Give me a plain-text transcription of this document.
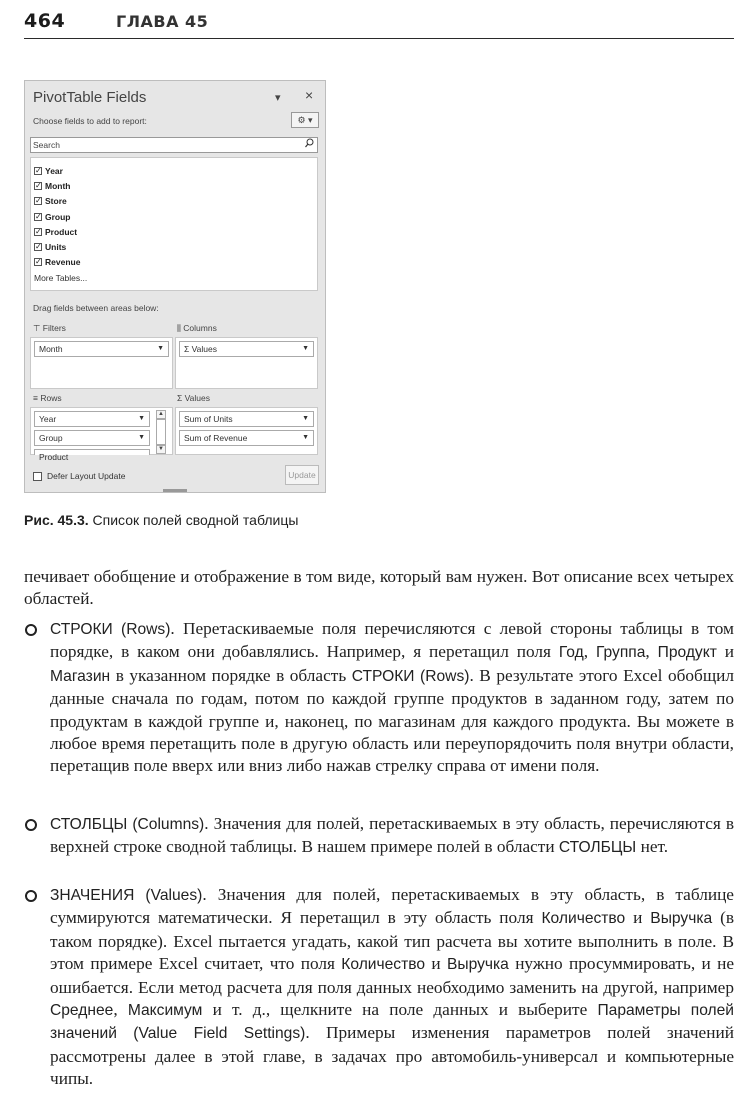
464	ГЛАВА 45
PivotTable Fields	▾ ×
Choose fields to add to report:	⚙ ▾
Search
✓ Year
✓ Month
✓ Store
✓ Group
✓ Product
✓ Units
✓ Revenue
More Tables...
Drag fields between areas below:
⊤ Filters
Month	▼
⫼ Columns
Σ Values	▼
≡ Rows
Year	▼
Group	▼
Product
▲
▼
Σ Values
Sum of Units	▼
Sum of Revenue	▼
Defer Layout Update	Update
Рис. 45.3. Список полей сводной таблицы
печивает обобщение и отображение в том виде, который вам нужен. Вот описание всех четырех областей.
СТРОКИ (Rows). Перетаскиваемые поля перечисляются с левой стороны таблицы в том порядке, в каком они добавлялись. Например, я перетащил поля Год, Группа, Продукт и Магазин в указанном порядке в область СТРОКИ (Rows). В результате этого Excel обобщил данные сначала по годам, потом по каждой группе продуктов в заданном году, затем по продуктам в каждой группе и, наконец, по магазинам для каждого продукта. Вы можете в любое время перетащить поле в другую область или переупорядочить поля внутри области, перетащив поле вверх или вниз либо нажав стрелку справа от имени поля.
СТОЛБЦЫ (Columns). Значения для полей, перетаскиваемых в эту область, перечисляются в верхней строке сводной таблицы. В нашем примере полей в области СТОЛБЦЫ нет.
ЗНАЧЕНИЯ (Values). Значения для полей, перетаскиваемых в эту область, в таблице суммируются математически. Я перетащил в эту область поля Количество и Выручка (в таком порядке). Excel пытается угадать, какой тип расчета вы хотите выполнить в поле. В этом примере Excel считает, что поля Количество и Выручка нужно просуммировать, и не ошибается. Если метод расчета для поля данных необходимо заменить на другой, например Среднее, Максимум и т. д., щелкните на поле данных и выберите Параметры полей значений (Value Field Settings). Примеры изменения параметров полей значений рассмотрены далее в этой главе, в задачах про автомобиль-универсал и компьютерные чипы.
